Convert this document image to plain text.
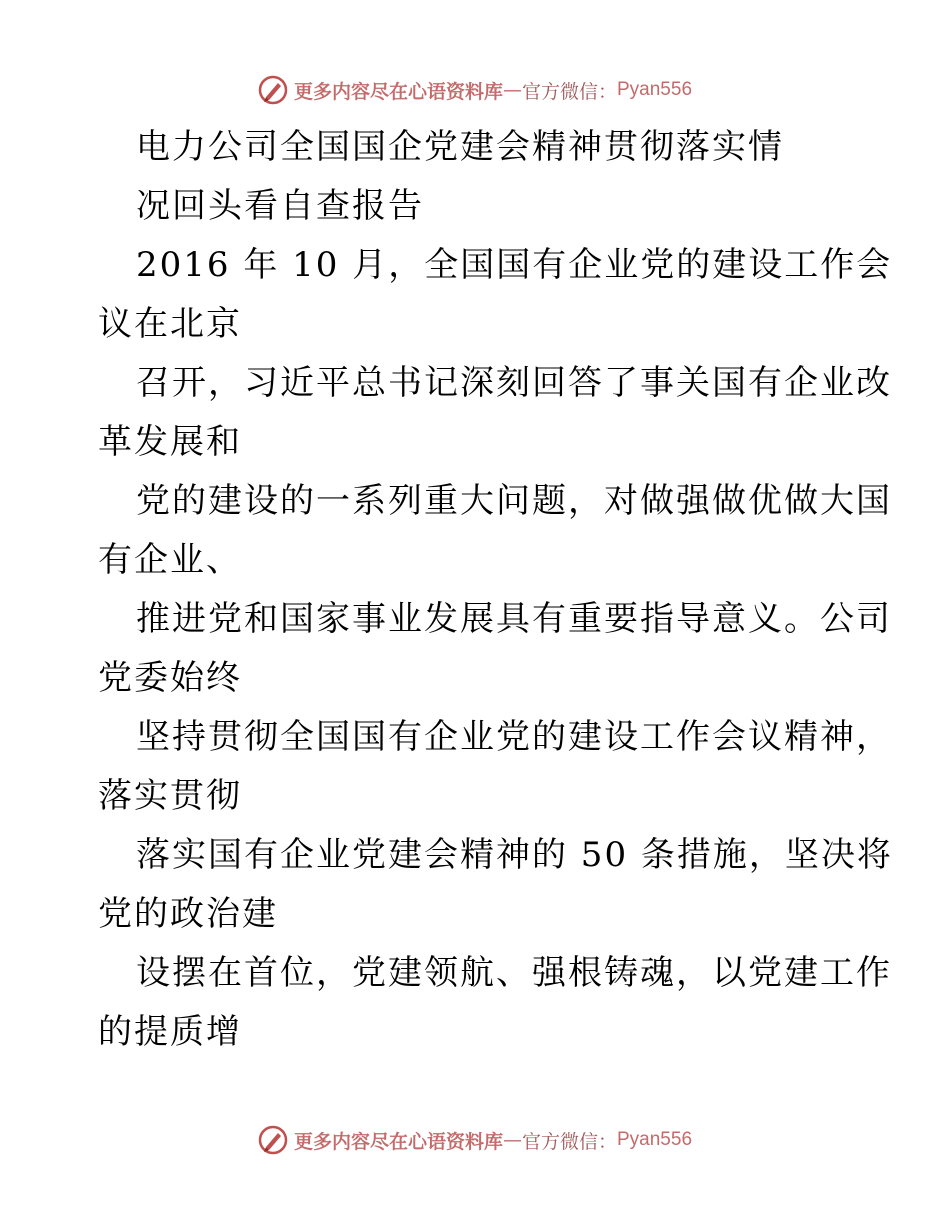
更多内容尽在心语资料库 — 官方微信： Pyan556
电力公司全国国企党建会精神贯彻落实情
况回头看自查报告
2016 年 10 月，全国国有企业党的建设工作会
议在北京
召开，习近平总书记深刻回答了事关国有企业改
革发展和
党的建设的一系列重大问题，对做强做优做大国
有企业、
推进党和国家事业发展具有重要指导意义。公司
党委始终
坚持贯彻全国国有企业党的建设工作会议精神，
落实贯彻
落实国有企业党建会精神的 50 条措施，坚决将
党的政治建
设摆在首位，党建领航、强根铸魂，以党建工作
的提质增
更多内容尽在心语资料库 — 官方微信： Pyan556
